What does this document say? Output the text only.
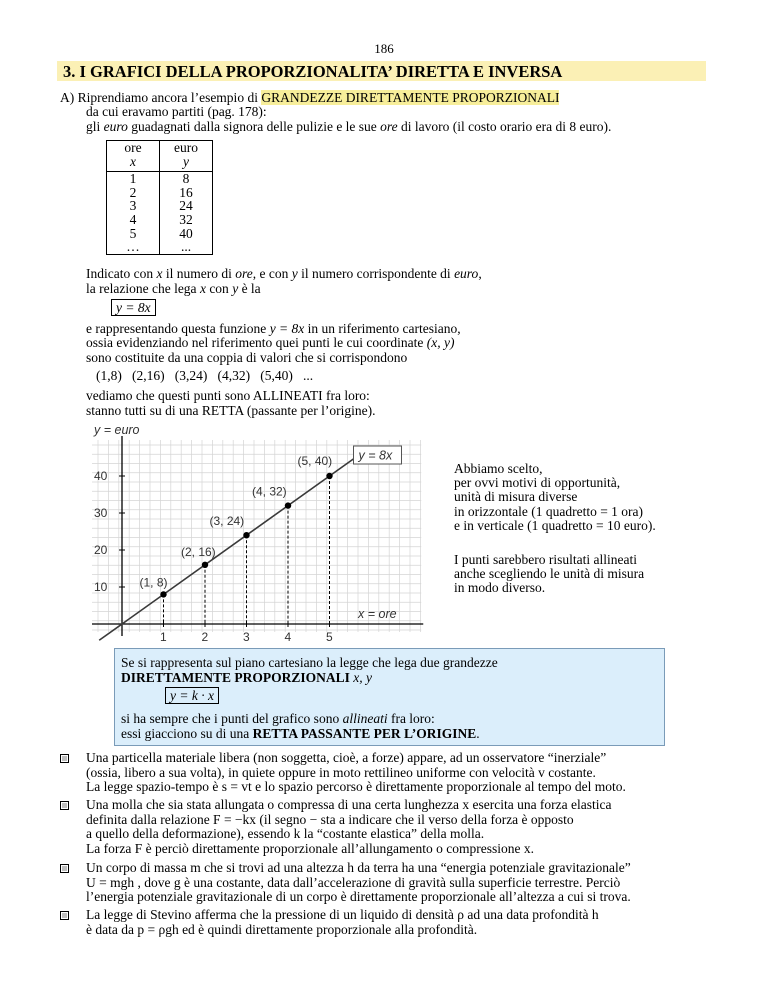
186
3. I GRAFICI DELLA PROPORZIONALITA’ DIRETTA E INVERSA
A) Riprendiamo ancora l’esempio di GRANDEZZE DIRETTAMENTE PROPORZIONALI
da cui eravamo partiti (pag. 178):
gli euro guadagnati dalla signora delle pulizie e le sue ore di lavoro (il costo orario era di 8 euro).
ore	euro
x	y
1	8
2	16
3	24
4	32
5	40
…	...
Indicato con x il numero di ore, e con y il numero corrispondente di euro,
la relazione che lega x con y è la
y = 8x
e rappresentando questa funzione y = 8x in un riferimento cartesiano,
ossia evidenziando nel riferimento quei punti le cui coordinate (x, y)
sono costituite da una coppia di valori che si corrispondono
(1,8)   (2,16)   (3,24)   (4,32)   (5,40)   ...
vediamo che questi punti sono ALLINEATI fra loro:
stanno tutti su di una RETTA (passante per l’origine).
1	2	3	4	5
10
20
30
40
y = euro
x = ore
(1, 8)
(2, 16)
(3, 24)
(4, 32)
(5, 40) y = 8x
Abbiamo scelto,
per ovvi motivi di opportunità,
unità di misura diverse
in orizzontale (1 quadretto = 1 ora)
e in verticale (1 quadretto = 10 euro).
I punti sarebbero risultati allineati
anche scegliendo le unità di misura
in modo diverso.
Se si rappresenta sul piano cartesiano la legge che lega due grandezze
DIRETTAMENTE PROPORZIONALI x, y
y = k · x
si ha sempre che i punti del grafico sono allineati fra loro:
essi giacciono su di una RETTA PASSANTE PER L’ORIGINE.
Una particella materiale libera (non soggetta, cioè, a forze) appare, ad un osservatore “inerziale”
(ossia, libero a sua volta), in quiete oppure in moto rettilineo uniforme con velocità v costante.
La legge spazio-tempo è s = vt e lo spazio percorso è direttamente proporzionale al tempo del moto.
Una molla che sia stata allungata o compressa di una certa lunghezza x esercita una forza elastica
definita dalla relazione F = −kx (il segno − sta a indicare che il verso della forza è opposto
a quello della deformazione), essendo k la “costante elastica” della molla.
La forza F è perciò direttamente proporzionale all’allungamento o compressione x.
Un corpo di massa m che si trovi ad una altezza h da terra ha una “energia potenziale gravitazionale”
U = mgh , dove g è una costante, data dall’accelerazione di gravità sulla superficie terrestre. Perciò
l’energia potenziale gravitazionale di un corpo è direttamente proporzionale all’altezza a cui si trova.
La legge di Stevino afferma che la pressione di un liquido di densità ρ ad una data profondità h
è data da p = ρgh ed è quindi direttamente proporzionale alla profondità.
